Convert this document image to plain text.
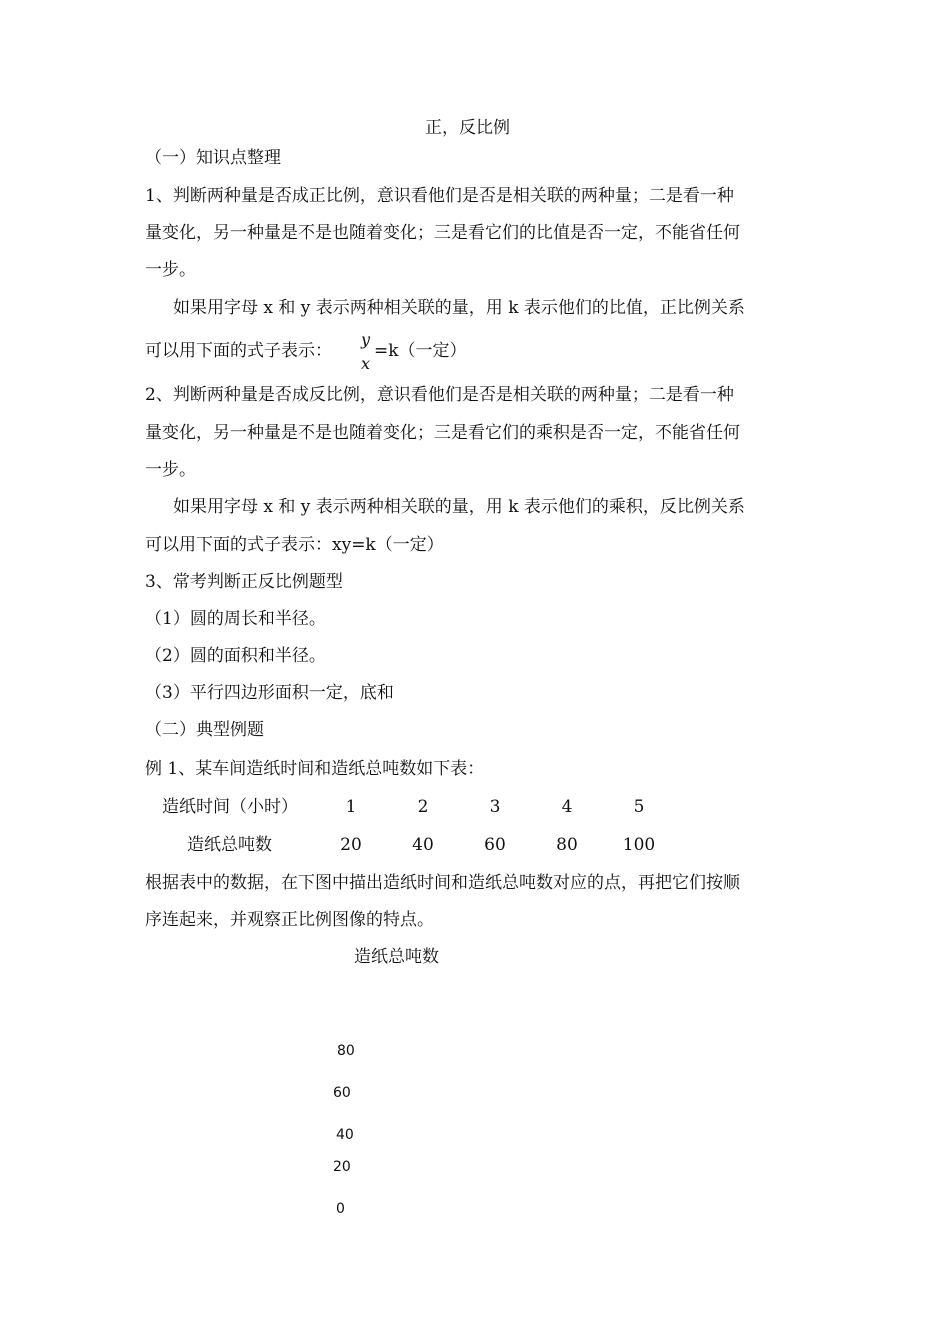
正，反比例
（一）知识点整理
1、判断两种量是否成正比例，意识看他们是否是相关联的两种量；二是看一种
量变化，另一种量是不是也随着变化；三是看它们的比值是否一定，不能省任何
一步。
如果用字母 x 和 y 表示两种相关联的量，用 k 表示他们的比值，正比例关系
可以用下面的式子表示：
y
x
=k（一定）
2、判断两种量是否成反比例，意识看他们是否是相关联的两种量；二是看一种
量变化，另一种量是不是也随着变化；三是看它们的乘积是否一定，不能省任何
一步。
如果用字母 x 和 y 表示两种相关联的量，用 k 表示他们的乘积，反比例关系
可以用下面的式子表示：xy=k（一定）
3、常考判断正反比例题型
（1）圆的周长和半径。
（2）圆的面积和半径。
（3）平行四边形面积一定，底和
（二）典型例题
例 1、某车间造纸时间和造纸总吨数如下表：
造纸时间（小时）	1	2	3	4	5
造纸总吨数	20	40	60	80	100
根据表中的数据，在下图中描出造纸时间和造纸总吨数对应的点，再把它们按顺
序连起来，并观察正比例图像的特点。
造纸总吨数
80
60
40
20
0
